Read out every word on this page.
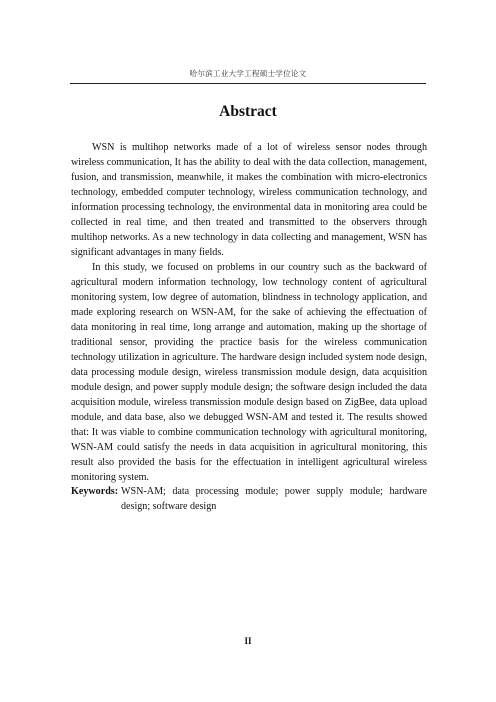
哈尔滨工业大学工程硕士学位论文
Abstract

WSN is multihop networks made of a lot of wireless sensor nodes through wireless communication, It has the ability to deal with the data collection, management, fusion, and transmission, meanwhile, it makes the combination with micro-electronics technology, embedded computer technology, wireless communication technology, and information processing technology, the environmental data in monitoring area could be collected in real time, and then treated and transmitted to the observers through multihop networks. As a new technology in data collecting and management, WSN has significant advantages in many fields.

In this study, we focused on problems in our country such as the backward of agricultural modern information technology, low technology content of agricultural monitoring system, low degree of automation, blindness in technology application, and made exploring research on WSN-AM, for the sake of achieving the effectuation of data monitoring in real time, long arrange and automation, making up the shortage of traditional sensor, providing the practice basis for the wireless communication technology utilization in agriculture. The hardware design included system node design, data processing module design, wireless transmission module design, data acquisition module design, and power supply module design; the software design included the data acquisition module, wireless transmission module design based on ZigBee, data upload module, and data base, also we debugged WSN-AM and tested it. The results showed that: It was viable to combine communication technology with agricultural monitoring, WSN-AM could satisfy the needs in data acquisition in agricultural monitoring, this result also provided the basis for the effectuation in intelligent agricultural wireless monitoring system.

Keywords: WSN-AM; data processing module; power supply module; hardware design; software design
II
